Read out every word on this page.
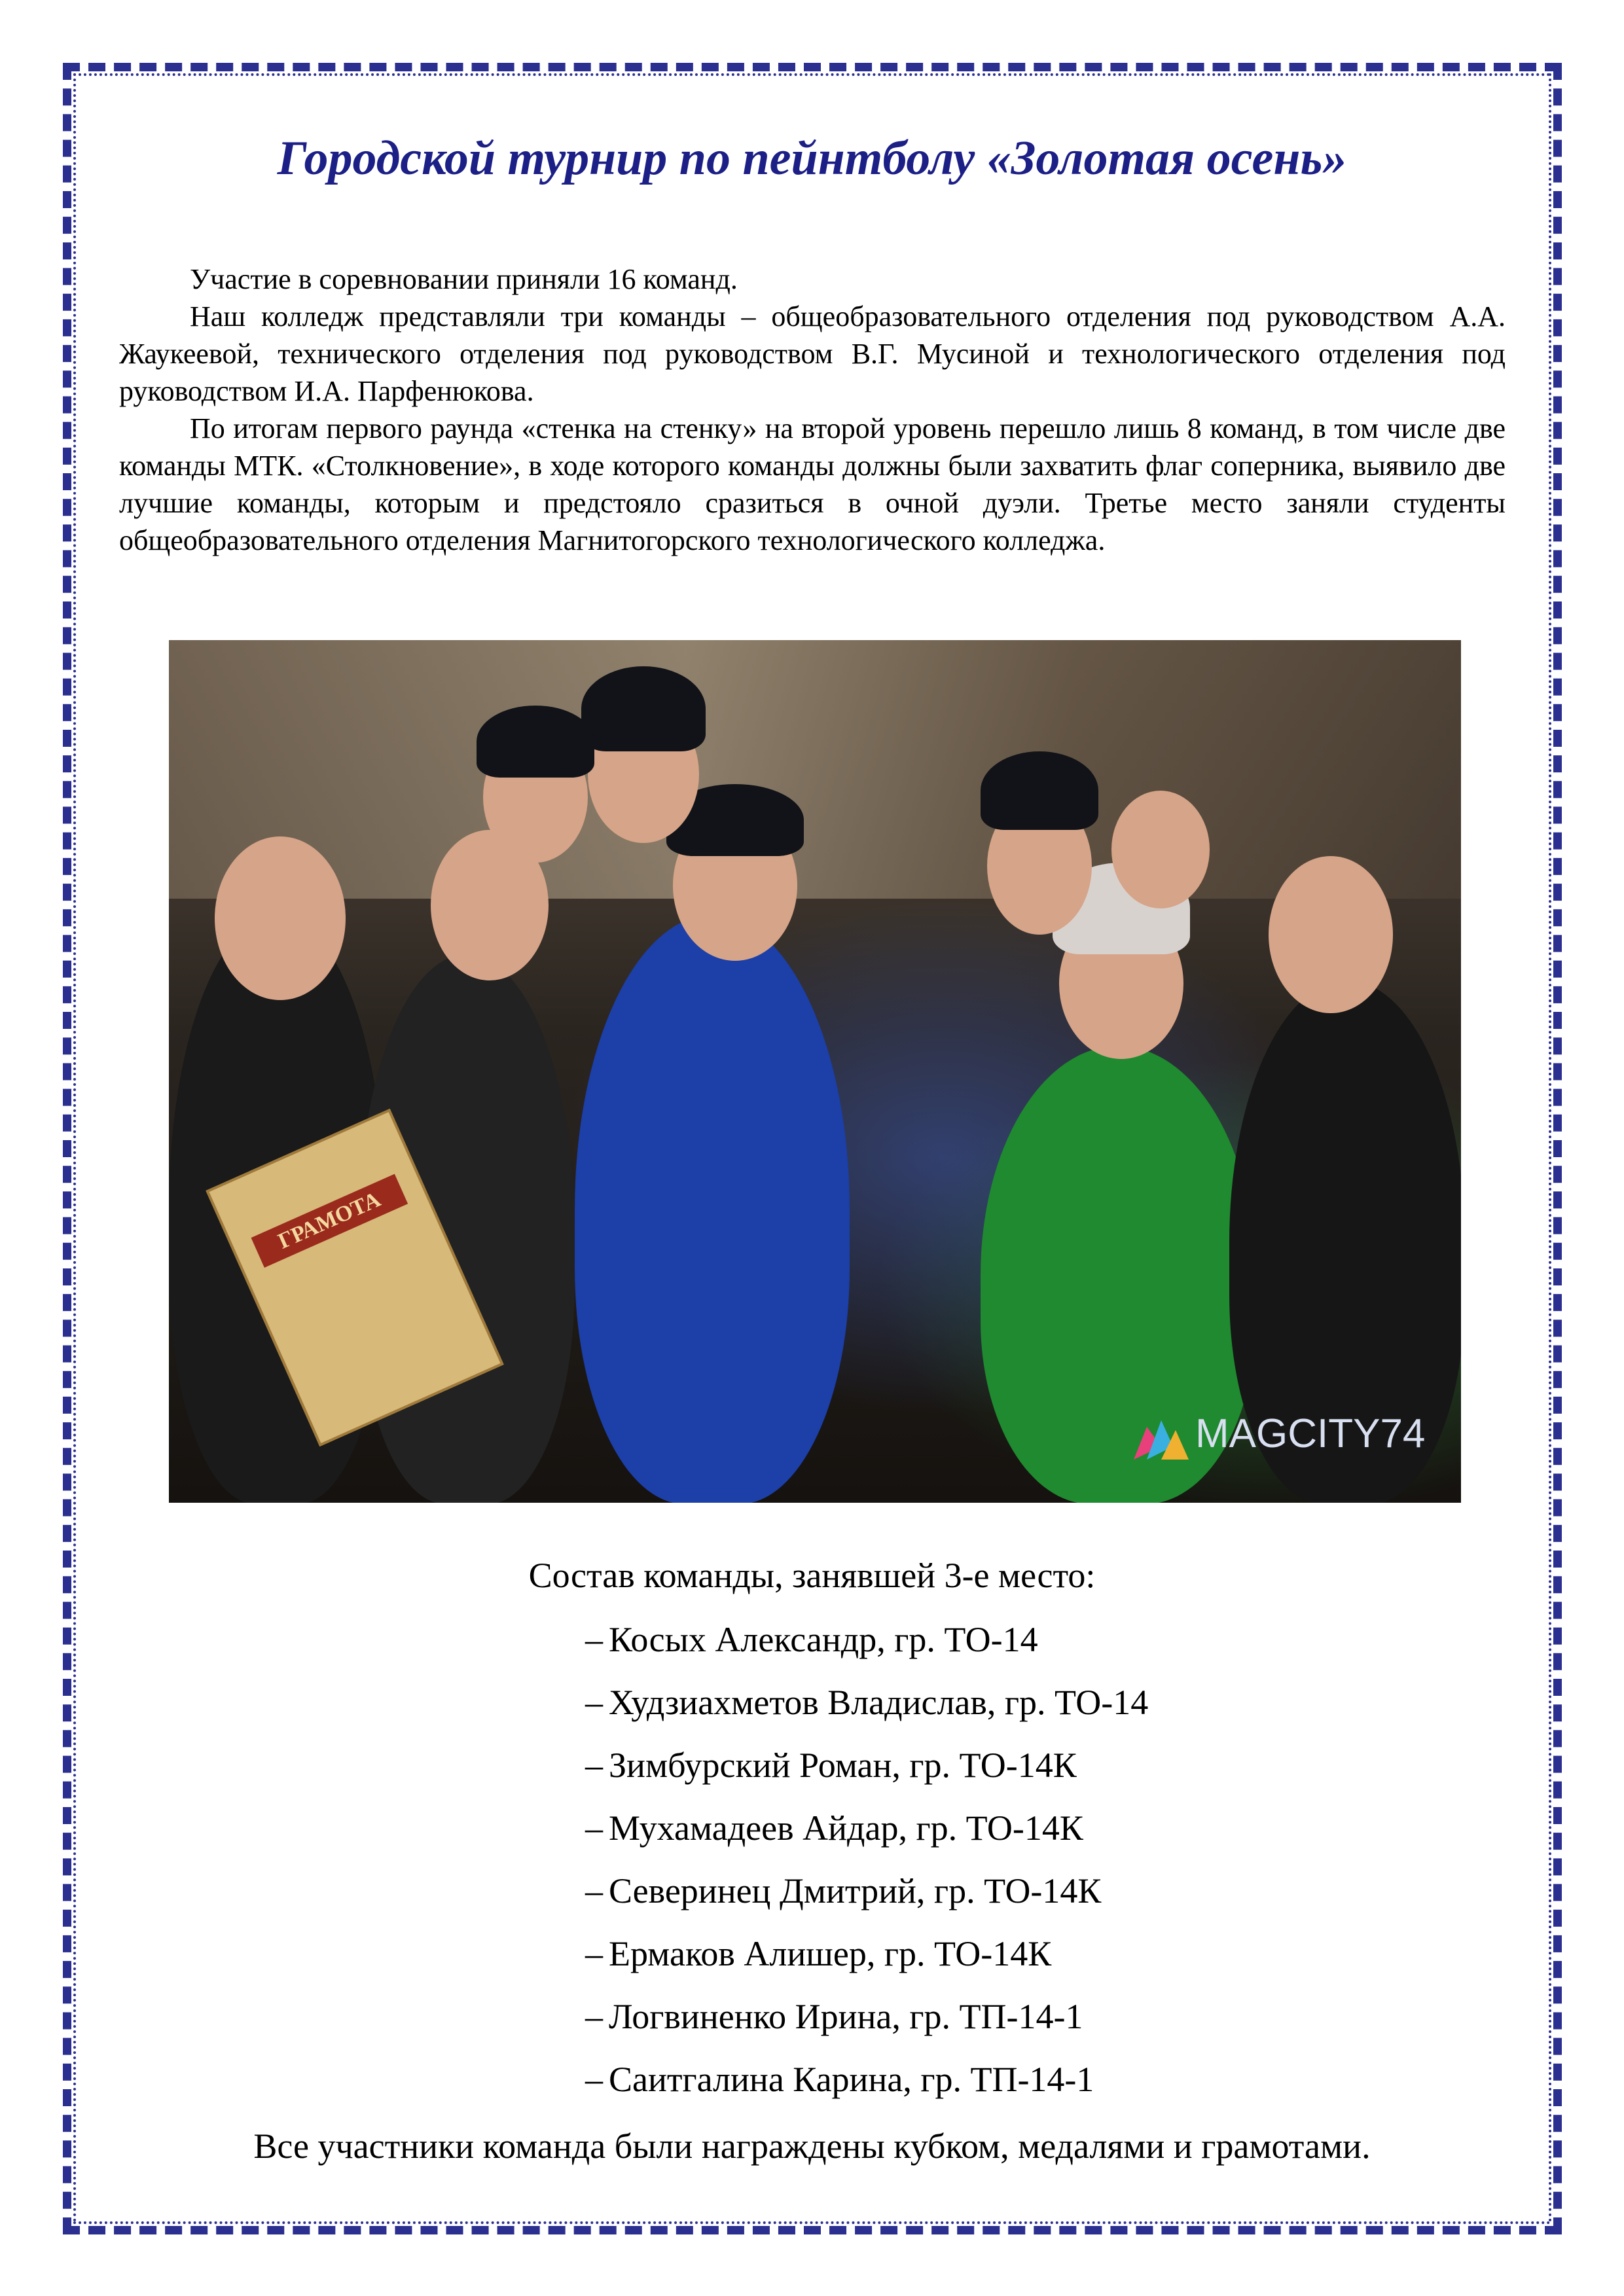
Городской турнир по пейнтболу «Золотая осень»

Участие в соревновании приняли 16 команд.

Наш колледж представляли три команды – общеобразовательного отделения под руководством А.А. Жаукеевой, технического отделения под руководством В.Г. Мусиной и технологического отделения под руководством И.А. Парфенюкова.

По итогам первого раунда «стенка на стенку» на второй уровень перешло лишь 8 команд, в том числе две команды МТК. «Столкновение», в ходе которого команды должны были захватить флаг соперника, выявило две лучшие команды, которым и предстояло сразиться в очной дуэли. Третье место заняли студенты общеобразовательного отделения Магнитогорского технологического колледжа.

ГРАМОТА
MAGCITY74

Состав команды, занявшей 3-е место:

– Косых Александр, гр. ТО-14
– Худзиахметов Владислав, гр. ТО-14
– Зимбурский Роман, гр. ТО-14К
– Мухамадеев Айдар, гр. ТО-14К
– Северинец Дмитрий, гр. ТО-14К
– Ермаков Алишер, гр. ТО-14К
– Логвиненко Ирина, гр. ТП-14-1
– Саитгалина Карина, гр. ТП-14-1

Все участники команда были награждены кубком, медалями и грамотами.
